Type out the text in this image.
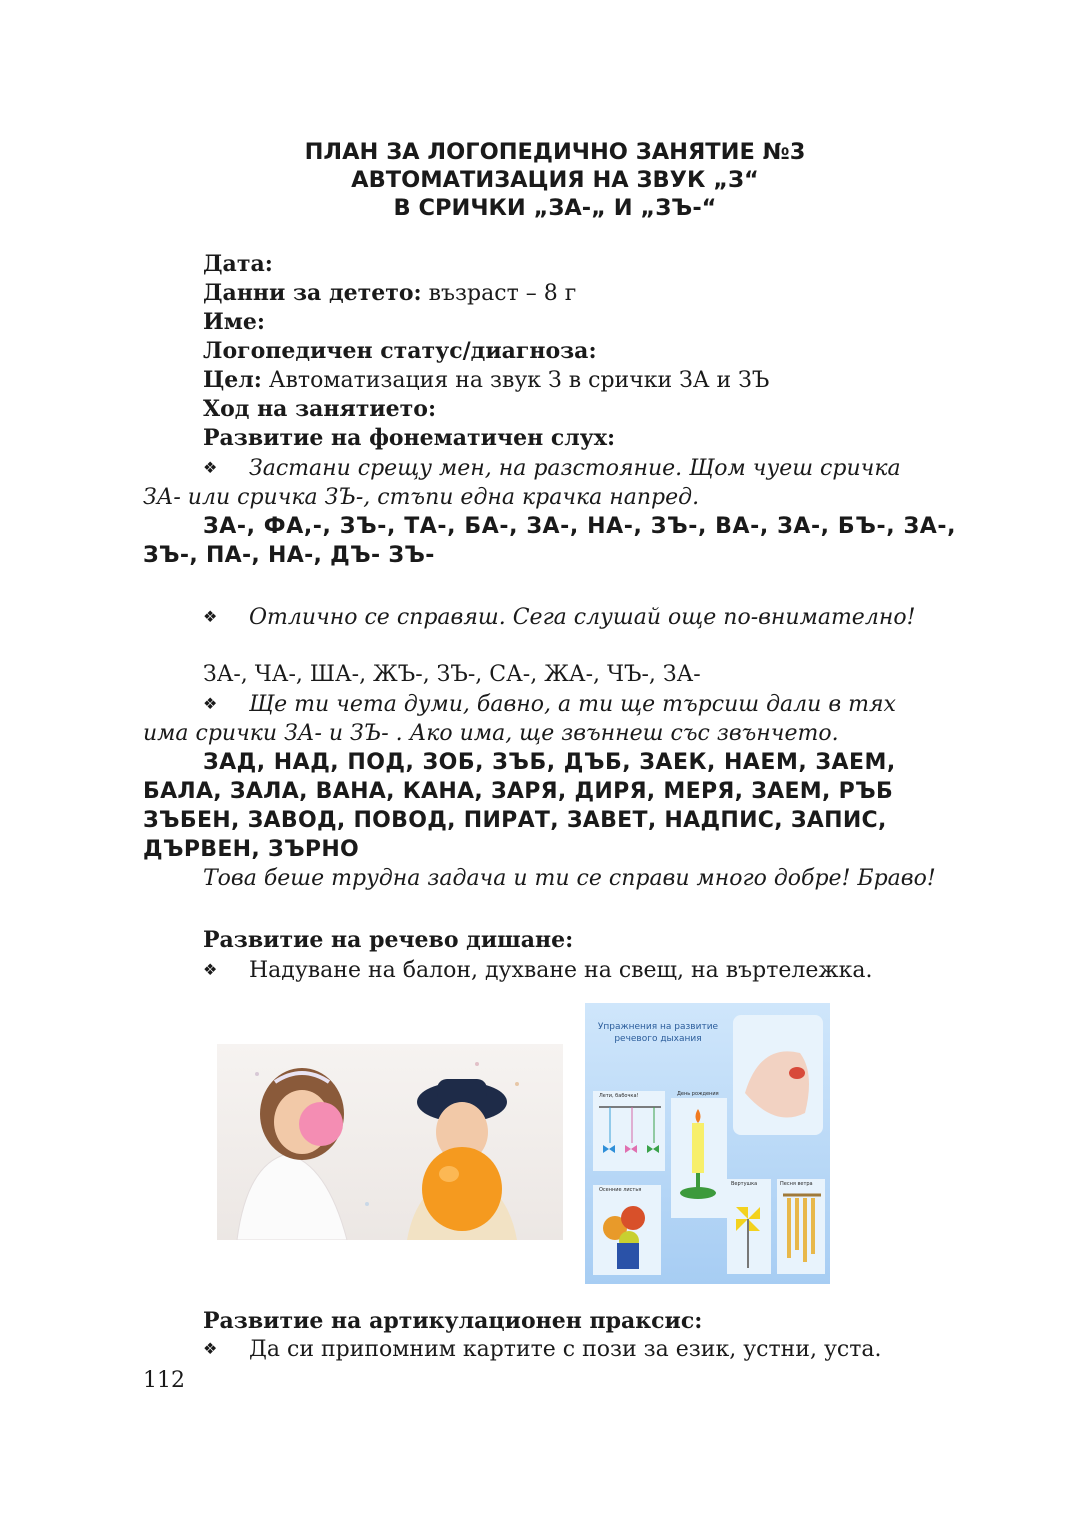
ПЛАН ЗА ЛОГОПЕДИЧНО ЗАНЯТИЕ №3
АВТОМАТИЗАЦИЯ НА ЗВУК „З“
В СРИЧКИ „ЗА-„ И „ЗЪ-“
Дата:
Данни за детето: възраст – 8 г
Име:
Логопедичен статус/диагноза:
Цел: Автоматизация на звук З в срички ЗА и ЗЪ
Ход на занятието:
Развитие на фонематичен слух:
❖ Застани срещу мен, на разстояние. Щом чуеш сричка
ЗА- или сричка ЗЪ-, стъпи една крачка напред.
ЗА-, ФА,-, ЗЪ-, ТА-, БА-, ЗА-, НА-, ЗЪ-, ВА-, ЗА-, БЪ-, ЗА-,
ЗЪ-, ПА-, НА-, ДЪ- ЗЪ-
❖ Отлично се справяш. Сега слушай още по-внимателно!
ЗА-, ЧА-, ША-, ЖЪ-, ЗЪ-, СА-, ЖА-, ЧЪ-, ЗА-
❖ Ще ти чета думи, бавно, а ти ще търсиш дали в тях
има срички ЗА- и ЗЪ- . Ако има, ще звъннеш със звънчето.
ЗАД, НАД, ПОД, ЗОБ, ЗЪБ, ДЪБ, ЗАЕК, НАЕМ, ЗАЕМ,
БАЛА, ЗАЛА, ВАНА, КАНА, ЗАРЯ, ДИРЯ, МЕРЯ, ЗАЕМ, РЪБ
ЗЪБЕН, ЗАВОД, ПОВОД, ПИРАТ, ЗАВЕТ, НАДПИС, ЗАПИС,
ДЪРВЕН, ЗЪРНО
Това беше трудна задача и ти се справи много добре! Браво!
Развитие на речево дишане:
❖ Надуване на балон, духване на свещ, на въртележка.
Упражнения на развитие речевого дыхания
Лети, бабочка!	День рождения
Осенние листья
Вертушка	Песня ветра
Развитие на артикулационен праксис:
❖ Да си припомним картите с пози за език, устни, уста.
112
